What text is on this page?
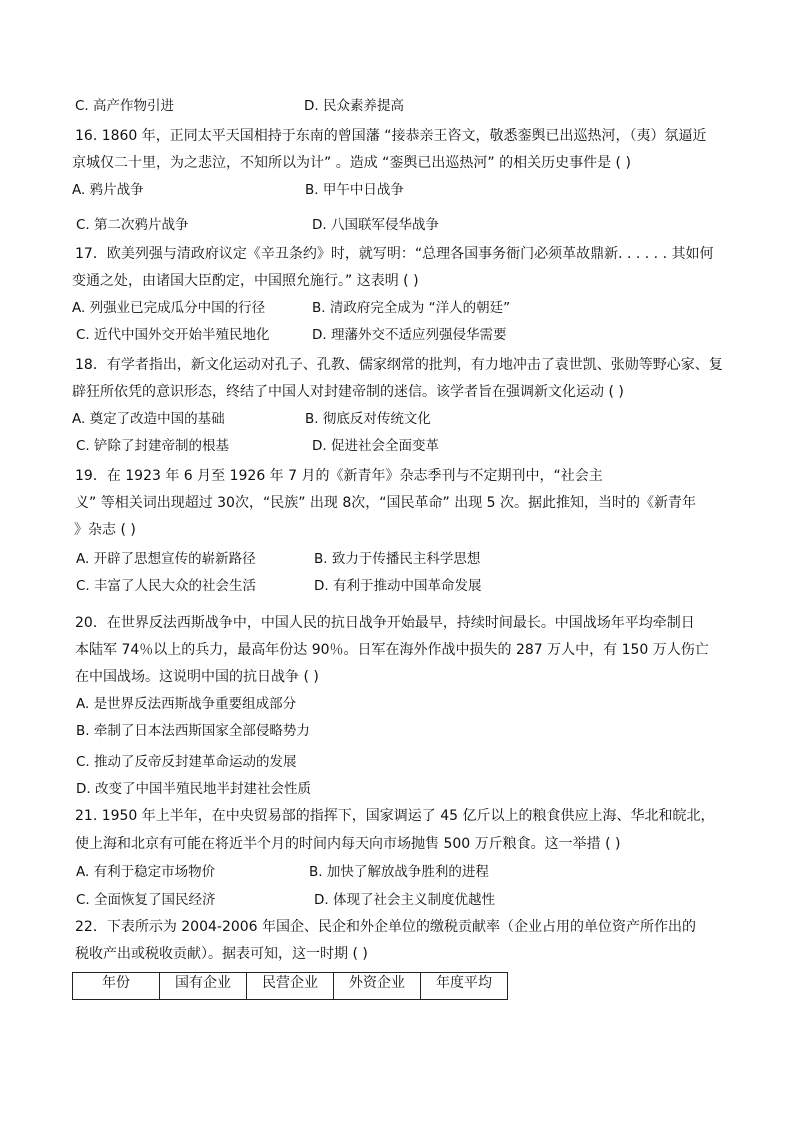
C. 高产作物引进	D. 民众素养提高
16. 1860 年，正同太平天国相持于东南的曾国藩 “接恭亲王咨文，敬悉銮舆已出巡热河，（夷）氛逼近
京城仅二十里，为之悲泣，不知所以为计” 。造成 “銮舆已出巡热河” 的相关历史事件是 ( )
A. 鸦片战争	B. 甲午中日战争
C. 第二次鸦片战争	D. 八国联军侵华战争
17．欧美列强与清政府议定《辛丑条约》时，就写明：“总理各国事务衙门必须革故鼎新. . . . . . 其如何
变通之处，由诸国大臣酌定，中国照允施行。” 这表明 ( )
A. 列强业已完成瓜分中国的行径	B. 清政府完全成为 “洋人的朝廷”
C. 近代中国外交开始半殖民地化	D. 理藩外交不适应列强侵华需要
18．有学者指出，新文化运动对孔子、孔教、儒家纲常的批判，有力地冲击了袁世凯、张勋等野心家、复
辟狂所依凭的意识形态，终结了中国人对封建帝制的迷信。该学者旨在强调新文化运动 ( )
A. 奠定了改造中国的基础	B. 彻底反对传统文化
C. 铲除了封建帝制的根基	D. 促进社会全面变革
19．在 1923 年 6 月至 1926 年 7 月的《新青年》杂志季刊与不定期刊中，“社会主
义” 等相关词出现超过 30次，“民族” 出现 8次，“国民革命” 出现 5 次。据此推知，当时的《新青年
》杂志 ( )
A. 开辟了思想宣传的崭新路径	B. 致力于传播民主科学思想
C. 丰富了人民大众的社会生活	D. 有利于推动中国革命发展
20．在世界反法西斯战争中，中国人民的抗日战争开始最早，持续时间最长。中国战场年平均牵制日
本陆军 74％以上的兵力，最高年份达 90％。日军在海外作战中损失的 287 万人中，有 150 万人伤亡
在中国战场。这说明中国的抗日战争 ( )
A. 是世界反法西斯战争重要组成部分
B. 牵制了日本法西斯国家全部侵略势力
C. 推动了反帝反封建革命运动的发展
D. 改变了中国半殖民地半封建社会性质
21. 1950 年上半年，在中央贸易部的指挥下，国家调运了 45 亿斤以上的粮食供应上海、华北和皖北，
使上海和北京有可能在将近半个月的时间内每天向市场抛售 500 万斤粮食。这一举措 ( )
A. 有利于稳定市场物价	B. 加快了解放战争胜利的进程
C. 全面恢复了国民经济	D. 体现了社会主义制度优越性
22．下表所示为 2004-2006 年国企、民企和外企单位的缴税贡献率（企业占用的单位资产所作出的
税收产出或税收贡献）。据表可知，这一时期 ( )
年份	国有企业	民营企业	外资企业	年度平均
